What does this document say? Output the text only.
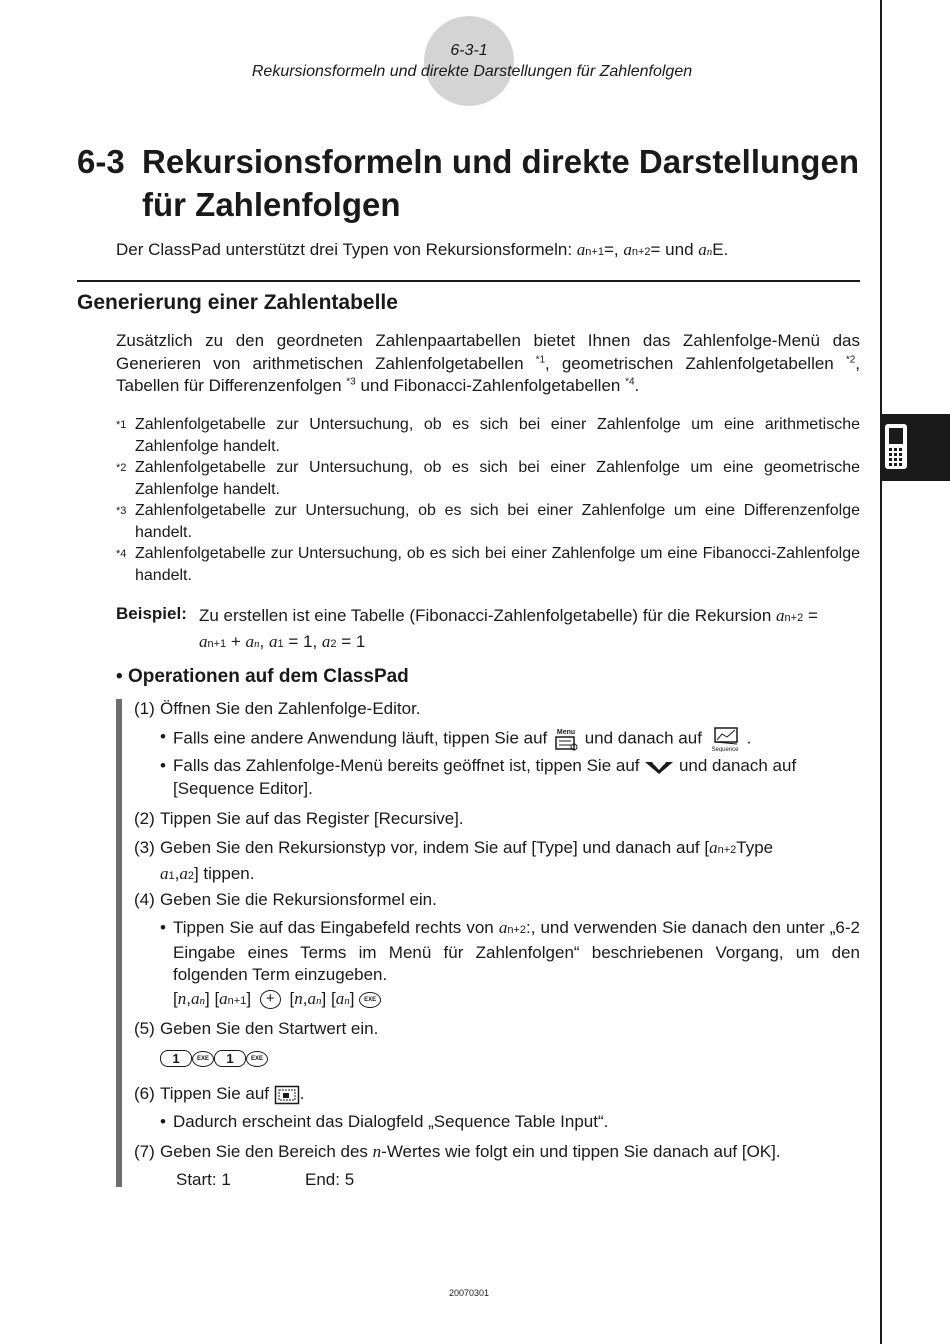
6-3-1
Rekursionsformeln und direkte Darstellungen für Zahlenfolgen
6-3 Rekursionsformeln und direkte Darstellungen
für Zahlenfolgen
Der ClassPad unterstützt drei Typen von Rekursionsformeln: an+1=, an+2= und anE.
Generierung einer Zahlentabelle
Zusätzlich zu den geordneten Zahlenpaartabellen bietet Ihnen das Zahlenfolge-Menü das Generieren von arithmetischen Zahlenfolgetabellen $^{*1}$, geometrischen Zahlenfolgetabellen $^{*2}$, Tabellen für Differenzenfolgen $^{*3}$ und Fibonacci-Zahlenfolgetabellen $^{*4}$.
*1 Zahlenfolgetabelle zur Untersuchung, ob es sich bei einer Zahlenfolge um eine arithmetische Zahlenfolge handelt.
*2 Zahlenfolgetabelle zur Untersuchung, ob es sich bei einer Zahlenfolge um eine geometrische Zahlenfolge handelt.
*3 Zahlenfolgetabelle zur Untersuchung, ob es sich bei einer Zahlenfolge um eine Differenzenfolge handelt.
*4 Zahlenfolgetabelle zur Untersuchung, ob es sich bei einer Zahlenfolge um eine Fibanocci-Zahlenfolge handelt.
Beispiel: Zu erstellen ist eine Tabelle (Fibonacci-Zahlenfolgetabelle) für die Rekursion an+2 =
an+1 + an, a1 = 1, a2 = 1
• Operationen auf dem ClassPad
(1) Öffnen Sie den Zahlenfolge-Editor.
• Falls eine andere Anwendung läuft, tippen Sie auf Menu und danach auf
Sequence
.
• Falls das Zahlenfolge-Menü bereits geöffnet ist, tippen Sie auf  und danach auf [Sequence Editor].
(2) Tippen Sie auf das Register [Recursive].
(3) Geben Sie den Rekursionstyp vor, indem Sie auf [Type] und danach auf [an+2Type
a1,a2] tippen.
(4) Geben Sie die Rekursionsformel ein.
• Tippen Sie auf das Eingabefeld rechts von an+2:, und verwenden Sie danach den unter „6-2 Eingabe eines Terms im Menü für Zahlenfolgen“ beschriebenen Vorgang, um den folgenden Term einzugeben.
[n,an] [an+1] + [n,an] [an] EXE
(5) Geben Sie den Startwert ein.
1	EXE 1	EXE
(6) Tippen Sie auf .
• Dadurch erscheint das Dialogfeld „Sequence Table Input“.
(7) Geben Sie den Bereich des n-Wertes wie folgt ein und tippen Sie danach auf [OK].
Start: 1	End: 5
20070301
